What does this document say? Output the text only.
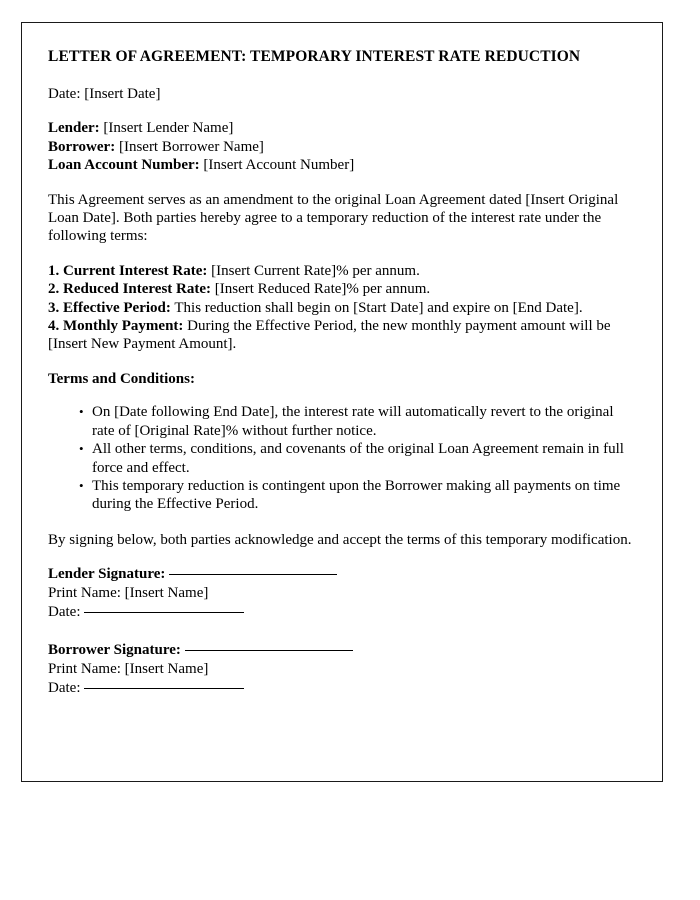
LETTER OF AGREEMENT: TEMPORARY INTEREST RATE REDUCTION

Date: [Insert Date]

Lender: [Insert Lender Name]
Borrower: [Insert Borrower Name]
Loan Account Number: [Insert Account Number]

This Agreement serves as an amendment to the original Loan Agreement dated [Insert Original Loan Date]. Both parties hereby agree to a temporary reduction of the interest rate under the following terms:

1. Current Interest Rate: [Insert Current Rate]% per annum.
2. Reduced Interest Rate: [Insert Reduced Rate]% per annum.
3. Effective Period: This reduction shall begin on [Start Date] and expire on [End Date].
4. Monthly Payment: During the Effective Period, the new monthly payment amount will be [Insert New Payment Amount].
Terms and Conditions:
• On [Date following End Date], the interest rate will automatically revert to the original rate of [Original Rate]% without further notice.
• All other terms, conditions, and covenants of the original Loan Agreement remain in full force and effect.
• This temporary reduction is contingent upon the Borrower making all payments on time during the Effective Period.

By signing below, both parties acknowledge and accept the terms of this temporary modification.

Lender Signature:
Print Name: [Insert Name]
Date:
Borrower Signature:
Print Name: [Insert Name]
Date:
